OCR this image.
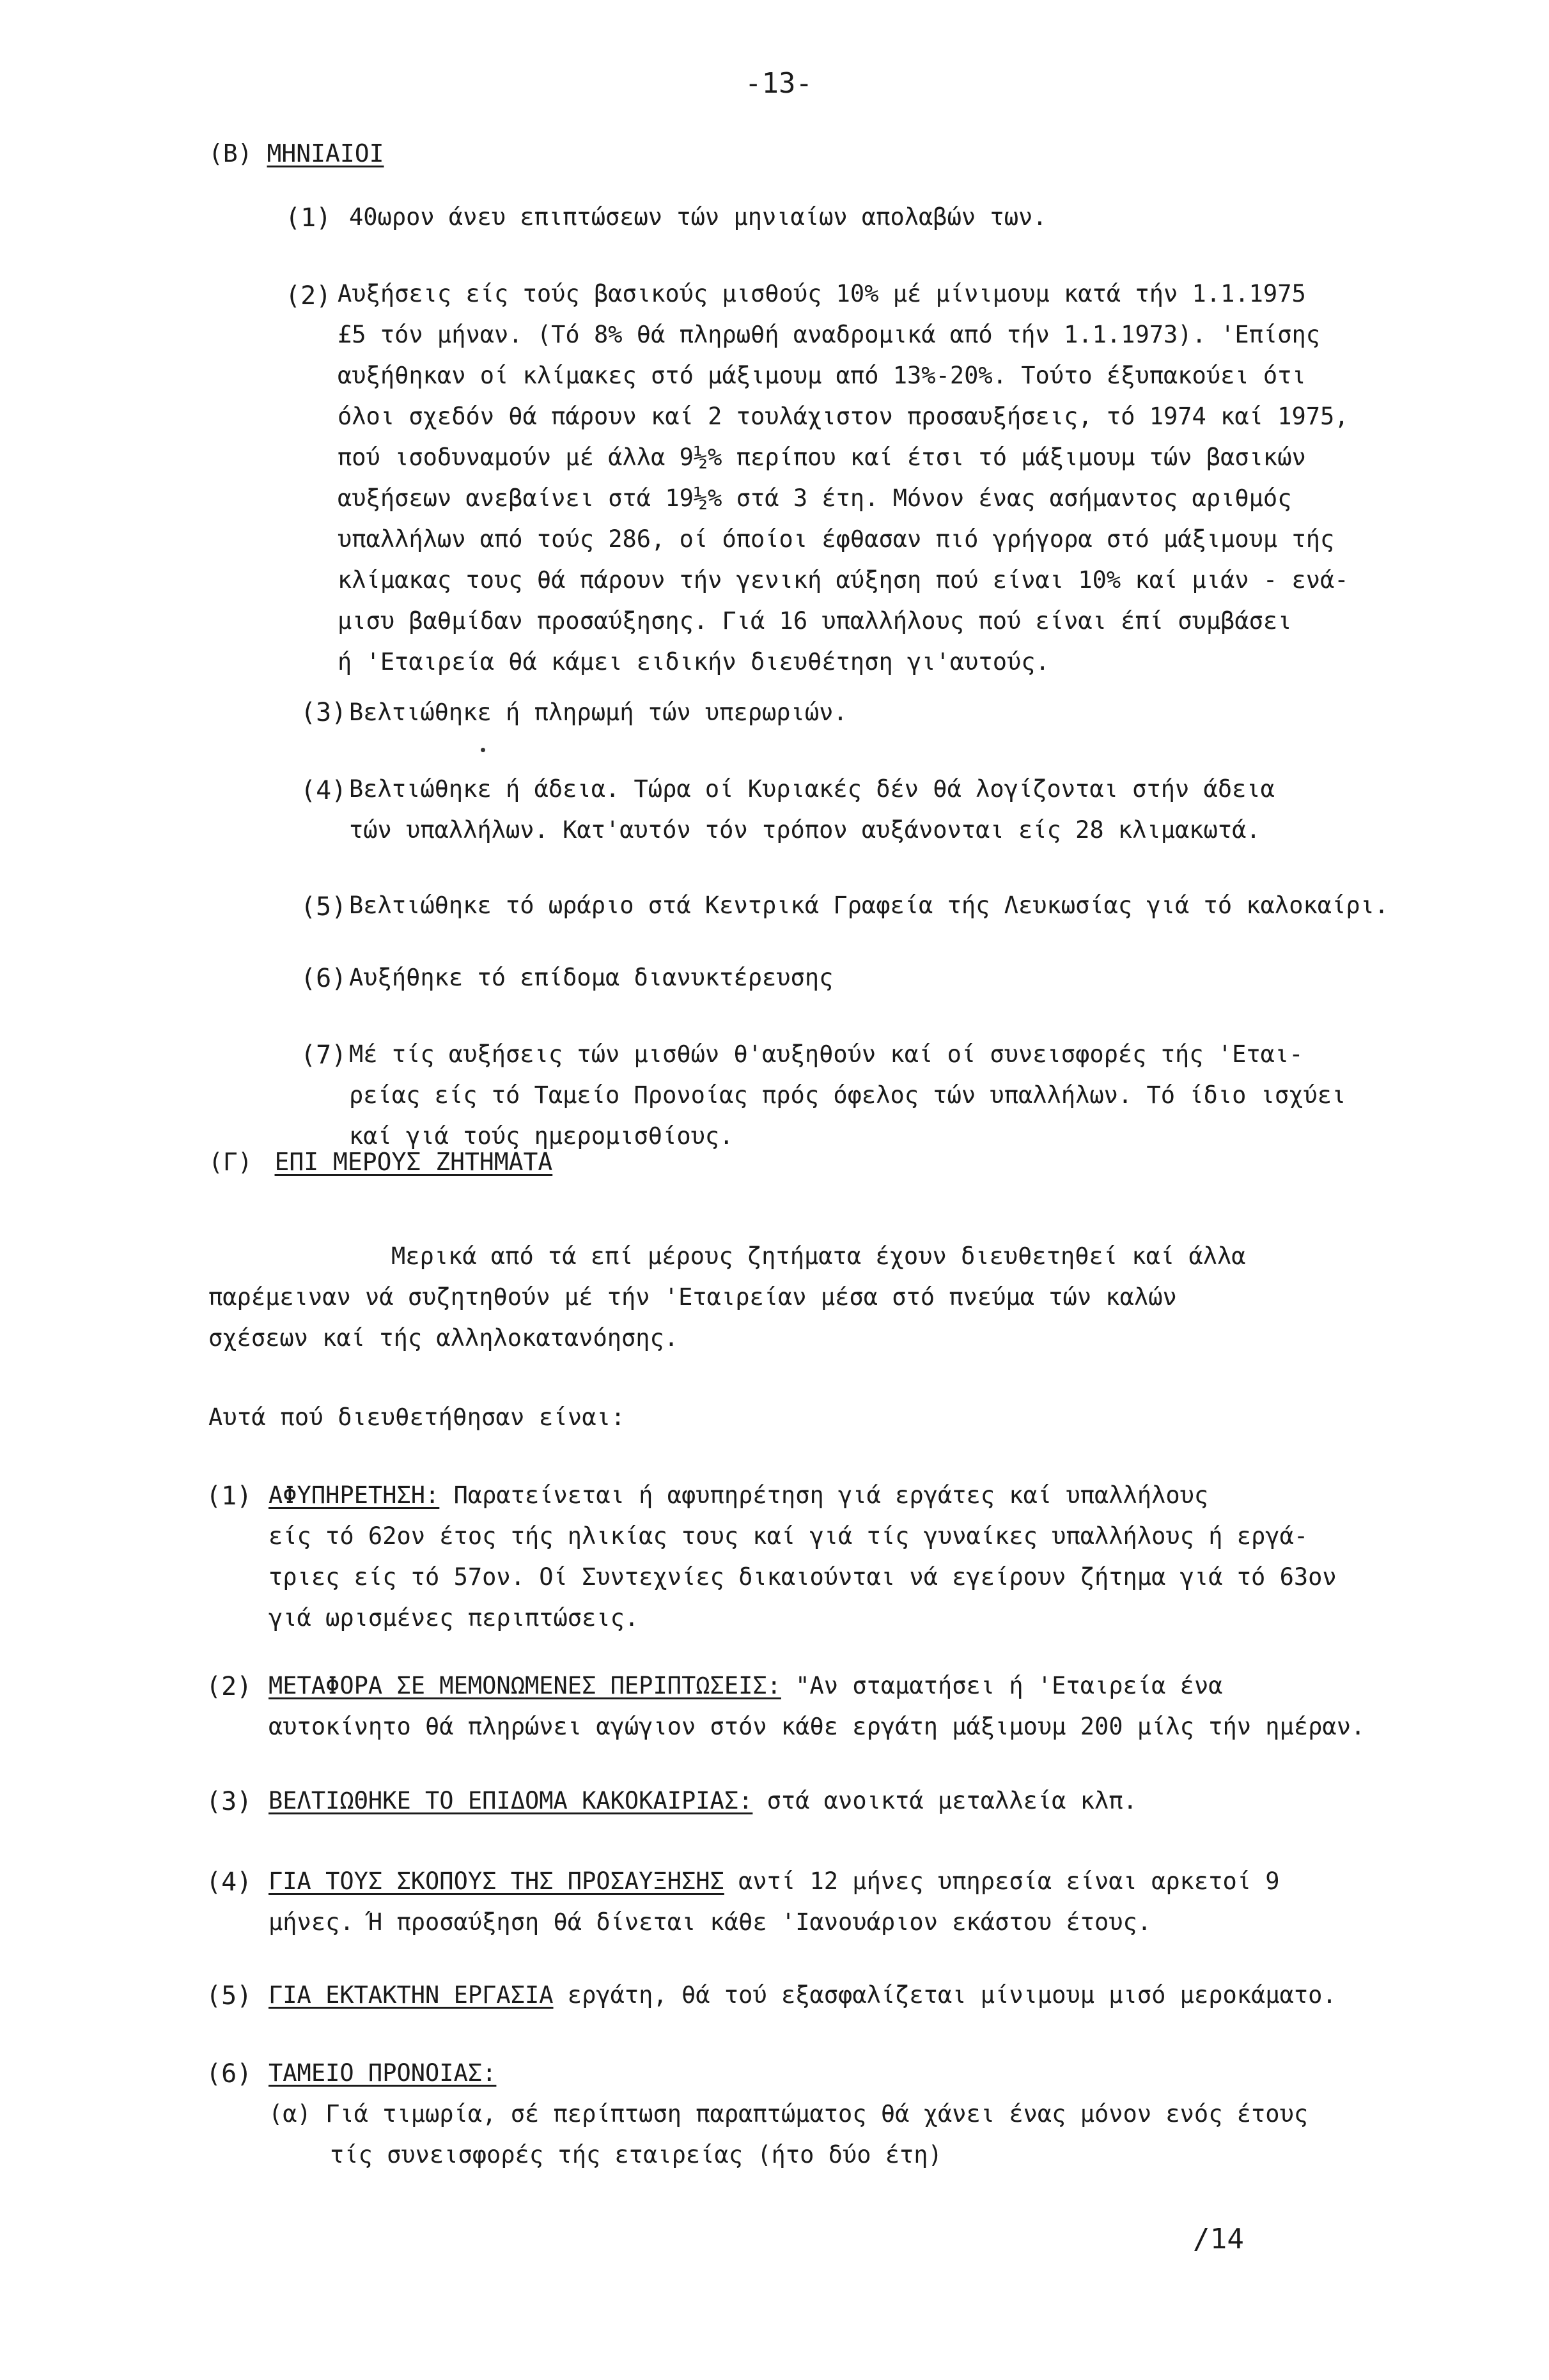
-13-
(B) ΜΗΝΙΑΙΟΙ
(1) 40ωρον άνευ επιπτώσεων τών μηνιαίων απολαβών των.
(2) Αυξήσεις είς τούς βασικούς μισθούς 10% μέ μίνιμουμ κατά τήν 1.1.1975
£5 τόν μήναν. (Τό 8% θά πληρωθή αναδρομικά από τήν 1.1.1973). 'Επίσης
αυξήθηκαν οί κλίμακες στό μάξιμουμ από 13%-20%. Τούτο έξυπακούει ότι
όλοι σχεδόν θά πάρουν καί 2 τουλάχιστον προσαυξήσεις, τό 1974 καί 1975,
πού ισοδυναμούν μέ άλλα 9½% περίπου καί έτσι τό μάξιμουμ τών βασικών
αυξήσεων ανεβαίνει στά 19½% στά 3 έτη. Μόνον ένας ασήμαντος αριθμός
υπαλλήλων από τούς 286, οί όποίοι έφθασαν πιό γρήγορα στό μάξιμουμ τής
κλίμακας τους θά πάρουν τήν γενική αύξηση πού είναι 10% καί μιάν - ενά-
μισυ βαθμίδαν προσαύξησης. Γιά 16 υπαλλήλους πού είναι έπί συμβάσει
ή 'Εταιρεία θά κάμει ειδικήν διευθέτηση γι'αυτούς.
(3) Βελτιώθηκε ή πληρωμή τών υπερωριών.
(4) Βελτιώθηκε ή άδεια. Τώρα οί Κυριακές δέν θά λογίζονται στήν άδεια
τών υπαλλήλων. Κατ'αυτόν τόν τρόπον αυξάνονται είς 28 κλιμακωτά.
(5) Βελτιώθηκε τό ωράριο στά Κεντρικά Γραφεία τής Λευκωσίας γιά τό καλοκαίρι.
(6) Αυξήθηκε τό επίδομα διανυκτέρευσης
(7) Μέ τίς αυξήσεις τών μισθών θ'αυξηθούν καί οί συνεισφορές τής 'Εται-
ρείας είς τό Ταμείο Προνοίας πρός όφελος τών υπαλλήλων. Τό ίδιο ισχύει
καί γιά τούς ημερομισθίους.
(Γ) ΕΠΙ ΜΕΡΟΥΣ ΖΗΤΗΜΑΤΑ
Μερικά από τά επί μέρους ζητήματα έχουν διευθετηθεί καί άλλα
παρέμειναν νά συζητηθούν μέ τήν 'Εταιρείαν μέσα στό πνεύμα τών καλών
σχέσεων καί τής αλληλοκατανόησης.
Αυτά πού διευθετήθησαν είναι:
(1) ΑΦΥΠΗΡΕΤΗΣΗ: Παρατείνεται ή αφυπηρέτηση γιά εργάτες καί υπαλλήλους
είς τό 62ον έτος τής ηλικίας τους καί γιά τίς γυναίκες υπαλλήλους ή εργά-
τριες είς τό 57ον. Οί Συντεχνίες δικαιούνται νά εγείρουν ζήτημα γιά τό 63ον
γιά ωρισμένες περιπτώσεις.
(2) ΜΕΤΑΦΟΡΑ ΣΕ ΜΕΜΟΝΩΜΕΝΕΣ ΠΕΡΙΠΤΩΣΕΙΣ: "Αν σταματήσει ή 'Εταιρεία ένα
αυτοκίνητο θά πληρώνει αγώγιον στόν κάθε εργάτη μάξιμουμ 200 μίλς τήν ημέραν.
(3) ΒΕΛΤΙΩΘΗΚΕ ΤΟ ΕΠΙΔΟΜΑ ΚΑΚΟΚΑΙΡΙΑΣ: στά ανοικτά μεταλλεία κλπ.
(4) ΓΙΑ ΤΟΥΣ ΣΚΟΠΟΥΣ ΤΗΣ ΠΡΟΣΑΥΞΗΣΗΣ αντί 12 μήνες υπηρεσία είναι αρκετοί 9
μήνες. Ή προσαύξηση θά δίνεται κάθε 'Ιανουάριον εκάστου έτους.
(5) ΓΙΑ ΕΚΤΑΚΤΗΝ ΕΡΓΑΣΙΑ εργάτη, θά τού εξασφαλίζεται μίνιμουμ μισό μεροκάματο.
(6) ΤΑΜΕΙΟ ΠΡΟΝΟΙΑΣ:
(α) Γιά τιμωρία, σέ περίπτωση παραπτώματος θά χάνει ένας μόνον ενός έτους
τίς συνεισφορές τής εταιρείας (ήτο δύο έτη)
/14
